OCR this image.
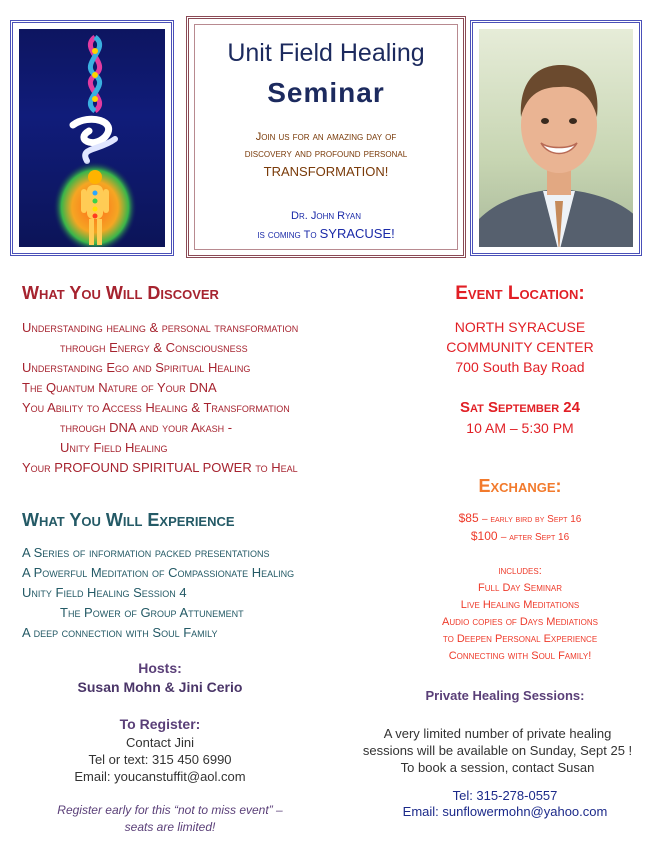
Unit Field Healing
Seminar
Join us for an amazing day of
discovery and profound personal
TRANSFORMATION!
Dr. John Ryan
is coming To SYRACUSE!
What You Will Discover
Understanding healing & personal transformation
through Energy & Consciousness
Understanding Ego and Spiritual Healing
The Quantum Nature of Your DNA
You Ability to Access Healing & Transformation
through DNA and your Akash -
Unity Field Healing
Your PROFOUND SPIRITUAL POWER to Heal
What You Will Experience
A Series of information packed presentations
A Powerful Meditation of Compassionate Healing
Unity Field Healing Session 4
The Power of Group Attunement
A deep connection with Soul Family
Event Location:
NORTH SYRACUSE
COMMUNITY CENTER
700 South Bay Road
Sat September 24
10 AM – 5:30 PM
Exchange:
$85 – early bird by Sept 16
$100 – after Sept 16
includes:
Full Day Seminar
Live Healing Meditations
Audio copies of Days Mediations
to Deepen Personal Experience
Connecting with Soul Family!
Hosts:
Susan Mohn & Jini Cerio
To Register:
Contact Jini
Tel or text: 315 450 6990
Email: youcanstuffit@aol.com
Register early for this “not to miss event” –
seats are limited!
Private Healing Sessions:
A very limited number of private healing
sessions will be available on Sunday, Sept 25 !
To book a session, contact Susan
Tel: 315-278-0557
Email: sunflowermohn@yahoo.com
